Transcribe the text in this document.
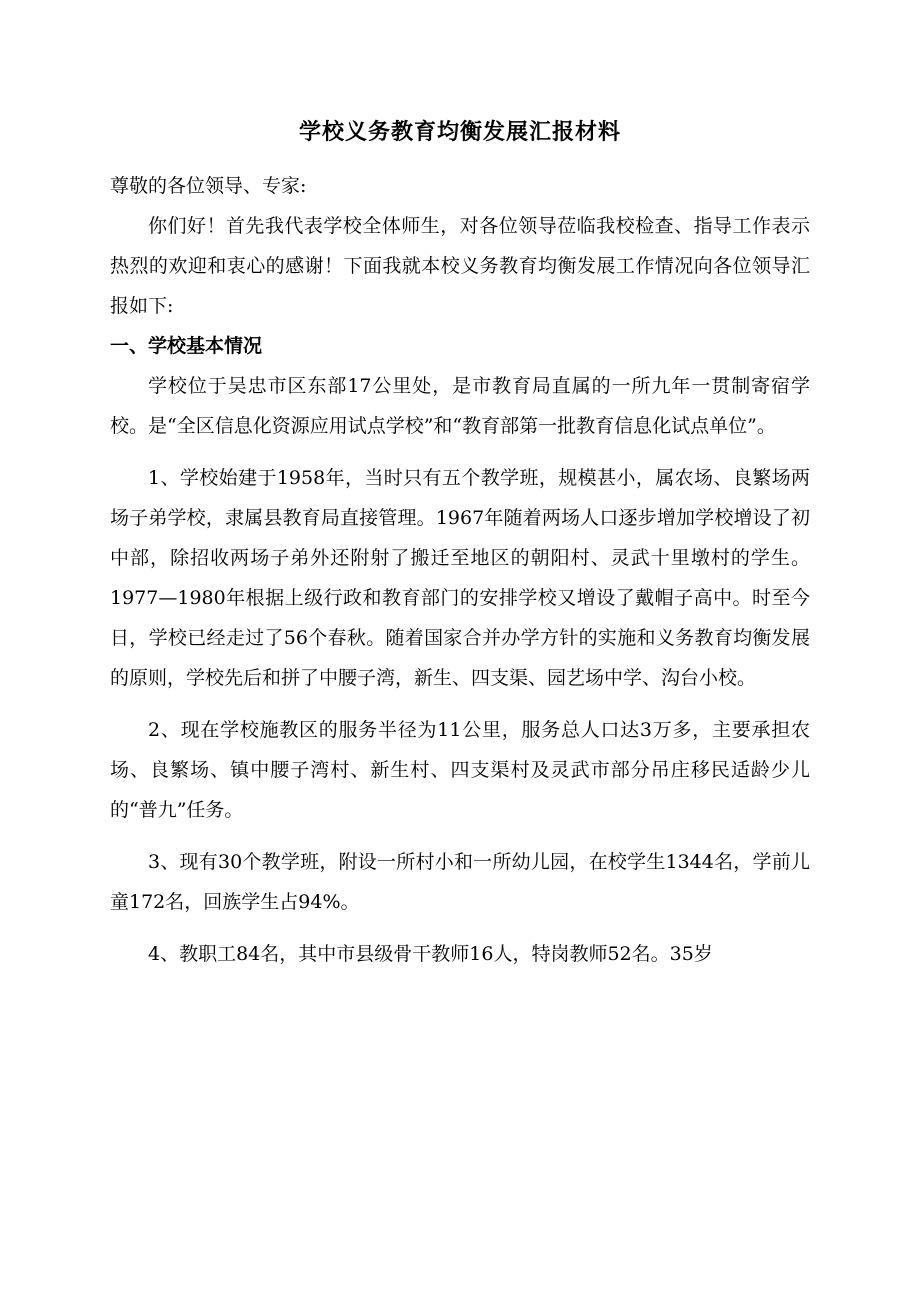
学校义务教育均衡发展汇报材料

尊敬的各位领导、专家:

你们好！首先我代表学校全体师生，对各位领导莅临我校检查、指导工作表示热烈的欢迎和衷心的感谢！下面我就本校义务教育均衡发展工作情况向各位领导汇报如下:

一、学校基本情况

学校位于吴忠市区东部17公里处，是市教育局直属的一所九年一贯制寄宿学校。是“全区信息化资源应用试点学校”和“教育部第一批教育信息化试点单位”。

1、学校始建于1958年，当时只有五个教学班，规模甚小，属农场、良繁场两场子弟学校，隶属县教育局直接管理。1967年随着两场人口逐步增加学校增设了初中部，除招收两场子弟外还附射了搬迁至地区的朝阳村、灵武十里墩村的学生。1977—1980年根据上级行政和教育部门的安排学校又增设了戴帽子高中。时至今日，学校已经走过了56个春秋。随着国家合并办学方针的实施和义务教育均衡发展的原则，学校先后和拼了中腰子湾，新生、四支渠、园艺场中学、沟台小校。

2、现在学校施教区的服务半径为11公里，服务总人口达3万多，主要承担农场、良繁场、镇中腰子湾村、新生村、四支渠村及灵武市部分吊庄移民适龄少儿的“普九”任务。

3、现有30个教学班，附设一所村小和一所幼儿园，在校学生1344名，学前儿童172名，回族学生占94%。

4、教职工84名，其中市县级骨干教师16人，特岗教师52名。35岁
